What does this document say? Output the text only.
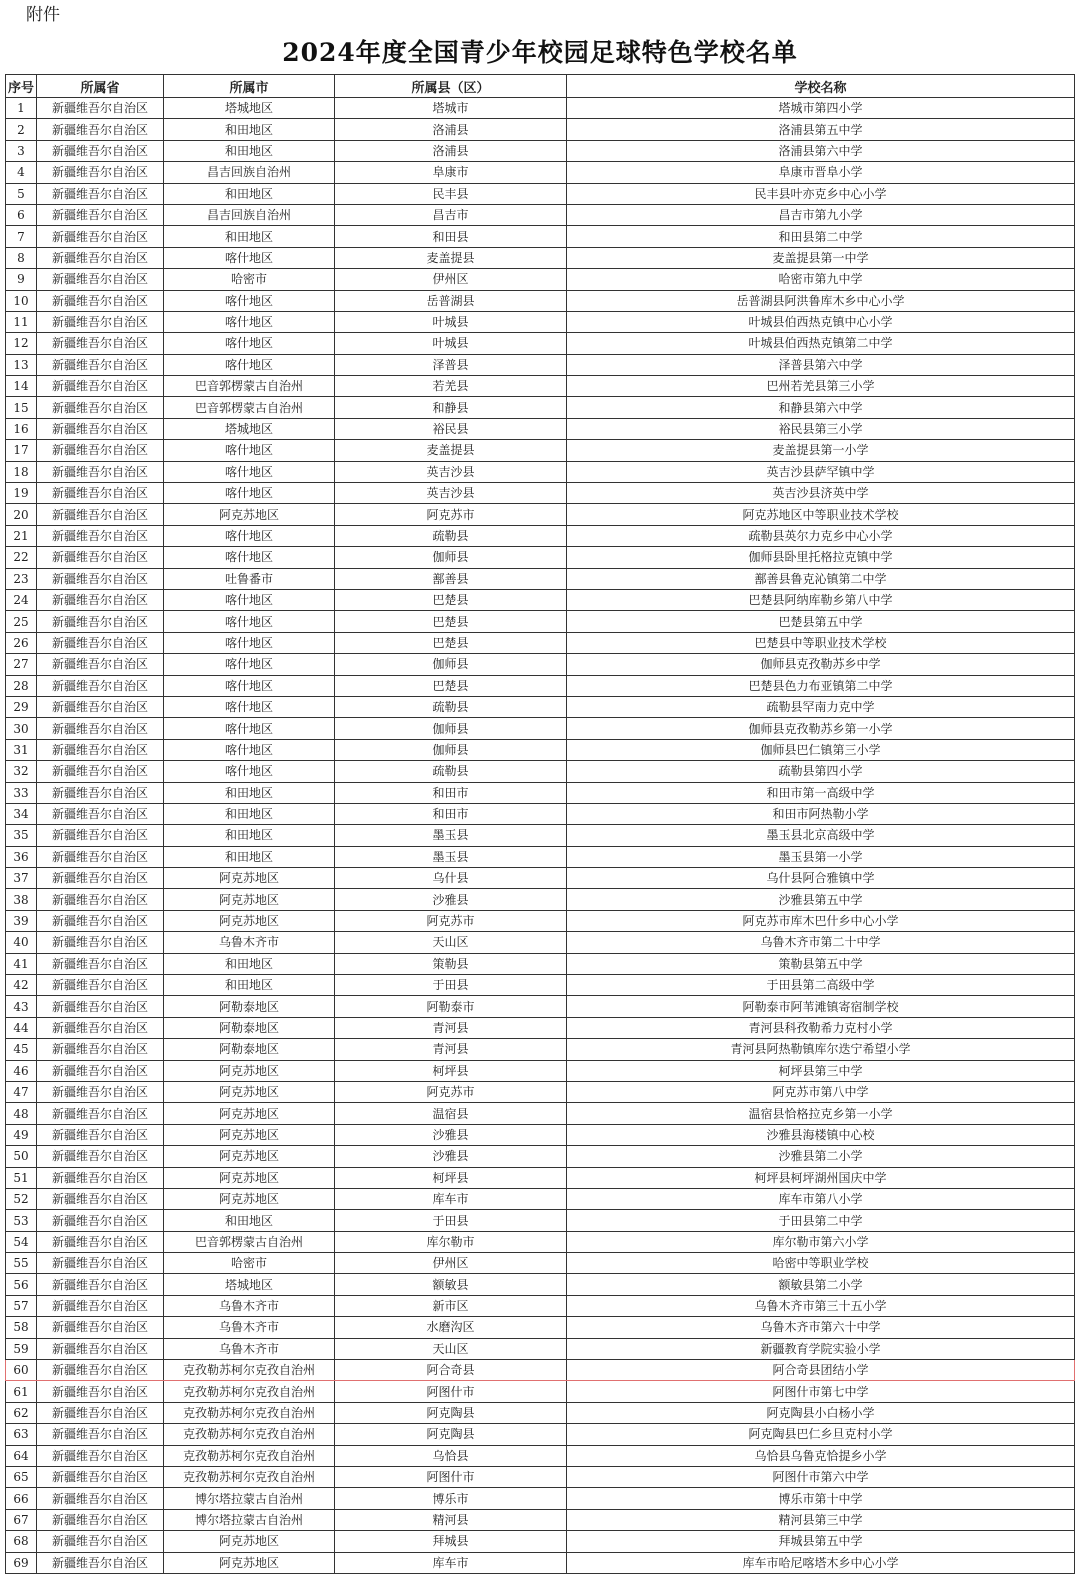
附件
2024年度全国青少年校园足球特色学校名单
序号	所属省	所属市	所属县（区）	学校名称
1	新疆维吾尔自治区	塔城地区	塔城市	塔城市第四小学
2	新疆维吾尔自治区	和田地区	洛浦县	洛浦县第五中学
3	新疆维吾尔自治区	和田地区	洛浦县	洛浦县第六中学
4	新疆维吾尔自治区	昌吉回族自治州	阜康市	阜康市晋阜小学
5	新疆维吾尔自治区	和田地区	民丰县	民丰县叶亦克乡中心小学
6	新疆维吾尔自治区	昌吉回族自治州	昌吉市	昌吉市第九小学
7	新疆维吾尔自治区	和田地区	和田县	和田县第二中学
8	新疆维吾尔自治区	喀什地区	麦盖提县	麦盖提县第一中学
9	新疆维吾尔自治区	哈密市	伊州区	哈密市第九中学
10	新疆维吾尔自治区	喀什地区	岳普湖县	岳普湖县阿洪鲁库木乡中心小学
11	新疆维吾尔自治区	喀什地区	叶城县	叶城县伯西热克镇中心小学
12	新疆维吾尔自治区	喀什地区	叶城县	叶城县伯西热克镇第二中学
13	新疆维吾尔自治区	喀什地区	泽普县	泽普县第六中学
14	新疆维吾尔自治区	巴音郭楞蒙古自治州	若羌县	巴州若羌县第三小学
15	新疆维吾尔自治区	巴音郭楞蒙古自治州	和静县	和静县第六中学
16	新疆维吾尔自治区	塔城地区	裕民县	裕民县第三小学
17	新疆维吾尔自治区	喀什地区	麦盖提县	麦盖提县第一小学
18	新疆维吾尔自治区	喀什地区	英吉沙县	英吉沙县萨罕镇中学
19	新疆维吾尔自治区	喀什地区	英吉沙县	英吉沙县济英中学
20	新疆维吾尔自治区	阿克苏地区	阿克苏市	阿克苏地区中等职业技术学校
21	新疆维吾尔自治区	喀什地区	疏勒县	疏勒县英尔力克乡中心小学
22	新疆维吾尔自治区	喀什地区	伽师县	伽师县卧里托格拉克镇中学
23	新疆维吾尔自治区	吐鲁番市	鄯善县	鄯善县鲁克沁镇第二中学
24	新疆维吾尔自治区	喀什地区	巴楚县	巴楚县阿纳库勒乡第八中学
25	新疆维吾尔自治区	喀什地区	巴楚县	巴楚县第五中学
26	新疆维吾尔自治区	喀什地区	巴楚县	巴楚县中等职业技术学校
27	新疆维吾尔自治区	喀什地区	伽师县	伽师县克孜勒苏乡中学
28	新疆维吾尔自治区	喀什地区	巴楚县	巴楚县色力布亚镇第二中学
29	新疆维吾尔自治区	喀什地区	疏勒县	疏勒县罕南力克中学
30	新疆维吾尔自治区	喀什地区	伽师县	伽师县克孜勒苏乡第一小学
31	新疆维吾尔自治区	喀什地区	伽师县	伽师县巴仁镇第三小学
32	新疆维吾尔自治区	喀什地区	疏勒县	疏勒县第四小学
33	新疆维吾尔自治区	和田地区	和田市	和田市第一高级中学
34	新疆维吾尔自治区	和田地区	和田市	和田市阿热勒小学
35	新疆维吾尔自治区	和田地区	墨玉县	墨玉县北京高级中学
36	新疆维吾尔自治区	和田地区	墨玉县	墨玉县第一小学
37	新疆维吾尔自治区	阿克苏地区	乌什县	乌什县阿合雅镇中学
38	新疆维吾尔自治区	阿克苏地区	沙雅县	沙雅县第五中学
39	新疆维吾尔自治区	阿克苏地区	阿克苏市	阿克苏市库木巴什乡中心小学
40	新疆维吾尔自治区	乌鲁木齐市	天山区	乌鲁木齐市第二十中学
41	新疆维吾尔自治区	和田地区	策勒县	策勒县第五中学
42	新疆维吾尔自治区	和田地区	于田县	于田县第二高级中学
43	新疆维吾尔自治区	阿勒泰地区	阿勒泰市	阿勒泰市阿苇滩镇寄宿制学校
44	新疆维吾尔自治区	阿勒泰地区	青河县	青河县科孜勒希力克村小学
45	新疆维吾尔自治区	阿勒泰地区	青河县	青河县阿热勒镇库尔迭宁希望小学
46	新疆维吾尔自治区	阿克苏地区	柯坪县	柯坪县第三中学
47	新疆维吾尔自治区	阿克苏地区	阿克苏市	阿克苏市第八中学
48	新疆维吾尔自治区	阿克苏地区	温宿县	温宿县恰格拉克乡第一小学
49	新疆维吾尔自治区	阿克苏地区	沙雅县	沙雅县海楼镇中心校
50	新疆维吾尔自治区	阿克苏地区	沙雅县	沙雅县第二小学
51	新疆维吾尔自治区	阿克苏地区	柯坪县	柯坪县柯坪湖州国庆中学
52	新疆维吾尔自治区	阿克苏地区	库车市	库车市第八小学
53	新疆维吾尔自治区	和田地区	于田县	于田县第二中学
54	新疆维吾尔自治区	巴音郭楞蒙古自治州	库尔勒市	库尔勒市第六小学
55	新疆维吾尔自治区	哈密市	伊州区	哈密中等职业学校
56	新疆维吾尔自治区	塔城地区	额敏县	额敏县第二小学
57	新疆维吾尔自治区	乌鲁木齐市	新市区	乌鲁木齐市第三十五小学
58	新疆维吾尔自治区	乌鲁木齐市	水磨沟区	乌鲁木齐市第六十中学
59	新疆维吾尔自治区	乌鲁木齐市	天山区	新疆教育学院实验小学
60	新疆维吾尔自治区	克孜勒苏柯尔克孜自治州	阿合奇县	阿合奇县团结小学
61	新疆维吾尔自治区	克孜勒苏柯尔克孜自治州	阿图什市	阿图什市第七中学
62	新疆维吾尔自治区	克孜勒苏柯尔克孜自治州	阿克陶县	阿克陶县小白杨小学
63	新疆维吾尔自治区	克孜勒苏柯尔克孜自治州	阿克陶县	阿克陶县巴仁乡旦克村小学
64	新疆维吾尔自治区	克孜勒苏柯尔克孜自治州	乌恰县	乌恰县乌鲁克恰提乡小学
65	新疆维吾尔自治区	克孜勒苏柯尔克孜自治州	阿图什市	阿图什市第六中学
66	新疆维吾尔自治区	博尔塔拉蒙古自治州	博乐市	博乐市第十中学
67	新疆维吾尔自治区	博尔塔拉蒙古自治州	精河县	精河县第三中学
68	新疆维吾尔自治区	阿克苏地区	拜城县	拜城县第五中学
69	新疆维吾尔自治区	阿克苏地区	库车市	库车市哈尼喀塔木乡中心小学
